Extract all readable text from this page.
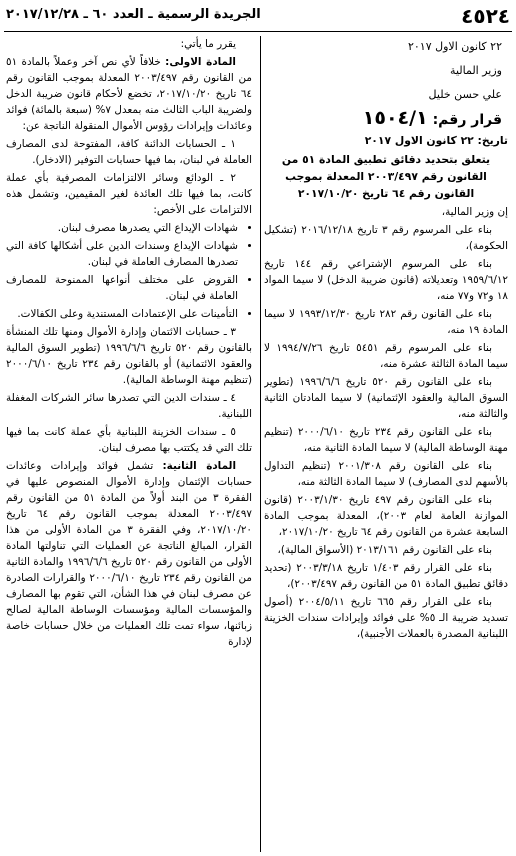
٤٥٢٤
الجريدة الرسمية ـ العدد ٦٠ ـ ٢٠١٧/١٢/٢٨

٢٢ كانون الاول ٢٠١٧

وزير المالية

علي حسن خليل

قرار رقم: ١٥٠٤/١

تاريخ: ٢٢ كانون الاول ٢٠١٧

يتعلق بتحديد دقائق تطبيق المادة ٥١ من القانون رقم ٢٠٠٣/٤٩٧ المعدلة بموجب القانون رقم ٦٤ تاريخ ٢٠١٧/١٠/٢٠

إن وزير المالية،

بناء على المرسوم رقم ٣ تاريخ ٢٠١٦/١٢/١٨ (تشكيل الحكومة)،

بناء على المرسوم الإشتراعي رقم ١٤٤ تاريخ ١٩٥٩/٦/١٢ وتعديلاته (قانون ضريبة الدخل) لا سيما المواد ١٨ و٧٢ و٧٧ منه،

بناء على القانون رقم ٢٨٢ تاريخ ١٩٩٣/١٢/٣٠ لا سيما المادة ١٩ منه،

بناء على المرسوم رقم ٥٤٥١ تاريخ ١٩٩٤/٧/٢٦ لا سيما المادة الثالثة عشرة منه،

بناء على القانون رقم ٥٢٠ تاريخ ١٩٩٦/٦/٦ (تطوير السوق المالية والعقود الإئتمانية) لا سيما المادتان الثانية والثالثة منه،

بناء على القانون رقم ٢٣٤ تاريخ ٢٠٠٠/٦/١٠ (تنظيم مهنة الوساطة المالية) لا سيما المادة الثانية منه،

بناء على القانون رقم ٢٠٠١/٣٠٨ (تنظيم التداول بالأسهم لدى المصارف) لا سيما المادة الثالثة منه،

بناء على القانون رقم ٤٩٧ تاريخ ٢٠٠٣/١/٣٠ (قانون الموازنة العامة لعام ٢٠٠٣)، المعدلة بموجب المادة السابعة عشرة من القانون رقم ٦٤ تاريخ ٢٠١٧/١٠/٢٠،

بناء على القانون رقم ٢٠١٣/١٦١ (الأسواق المالية)،

بناء على القرار رقم ١/٤٠٣ تاريخ ٢٠٠٣/٣/١٨ (تحديد دقائق تطبيق المادة ٥١ من القانون رقم ٢٠٠٣/٤٩٧)،

بناء على القرار رقم ٦٦٥ تاريخ ٢٠٠٤/٥/١١ (أصول تسديد ضريبة الـ ٥% على فوائد وإيرادات سندات الخزينة اللبنانية المصدرة بالعملات الأجنبية)،

يقرر ما يأتي:

المادة الاولى: خلافاً لأي نص آخر وعملاً بالمادة ٥١ من القانون رقم ٢٠٠٣/٤٩٧ المعدلة بموجب القانون رقم ٦٤ تاريخ ٢٠١٧/١٠/٢٠، تخضع لأحكام قانون ضريبة الدخل ولضريبة الباب الثالث منه بمعدل ٧% (سبعة بالمائة) فوائد وعائدات وإيرادات رؤوس الأموال المنقولة الناتجة عن:

١ ـ الحسابات الدائنة كافة، المفتوحة لدى المصارف العاملة في لبنان، بما فيها حسابات التوفير (الادخار).

٢ ـ الودائع وسائر الالتزامات المصرفية بأي عملة كانت، بما فيها تلك العائدة لغير المقيمين، وتشمل هذه الالتزامات على الأخص:

• شهادات الإيداع التي يصدرها مصرف لبنان.
• شهادات الإيداع وسندات الدين على أشكالها كافة التي تصدرها المصارف العاملة في لبنان.
• القروض على مختلف أنواعها الممنوحة للمصارف العاملة في لبنان.
• التأمينات على الإعتمادات المستندية وعلى الكفالات.

٣ ـ حسابات الائتمان وإدارة الأموال ومنها تلك المنشأة بالقانون رقم ٥٢٠ تاريخ ١٩٩٦/٦/٦ (تطوير السوق المالية والعقود الائتمانية) أو بالقانون رقم ٢٣٤ تاريخ ٢٠٠٠/٦/١٠ (تنظيم مهنة الوساطة المالية).

٤ ـ سندات الدين التي تصدرها سائر الشركات المغفلة اللبنانية.

٥ ـ سندات الخزينة اللبنانية بأي عملة كانت بما فيها تلك التي قد يكتتب بها مصرف لبنان.

المادة الثانية: تشمل فوائد وإيرادات وعائدات حسابات الإئتمان وإدارة الأموال المنصوص عليها في الفقرة ٣ من البند أولاً من المادة ٥١ من القانون رقم ٢٠٠٣/٤٩٧ المعدلة بموجب القانون رقم ٦٤ تاريخ ٢٠١٧/١٠/٢٠، وفي الفقرة ٣ من المادة الأولى من هذا القرار، المبالغ الناتجة عن العمليات التي تناولتها المادة الأولى من القانون رقم ٥٢٠ تاريخ ١٩٩٦/٦/٦ والمادة الثانية من القانون رقم ٢٣٤ تاريخ ٢٠٠٠/٦/١٠ والقرارات الصادرة عن مصرف لبنان في هذا الشأن، التي تقوم بها المصارف والمؤسسات المالية ومؤسسات الوساطة المالية لصالح زبائنها، سواء تمت تلك العمليات من خلال حسابات خاصة لإدارة
